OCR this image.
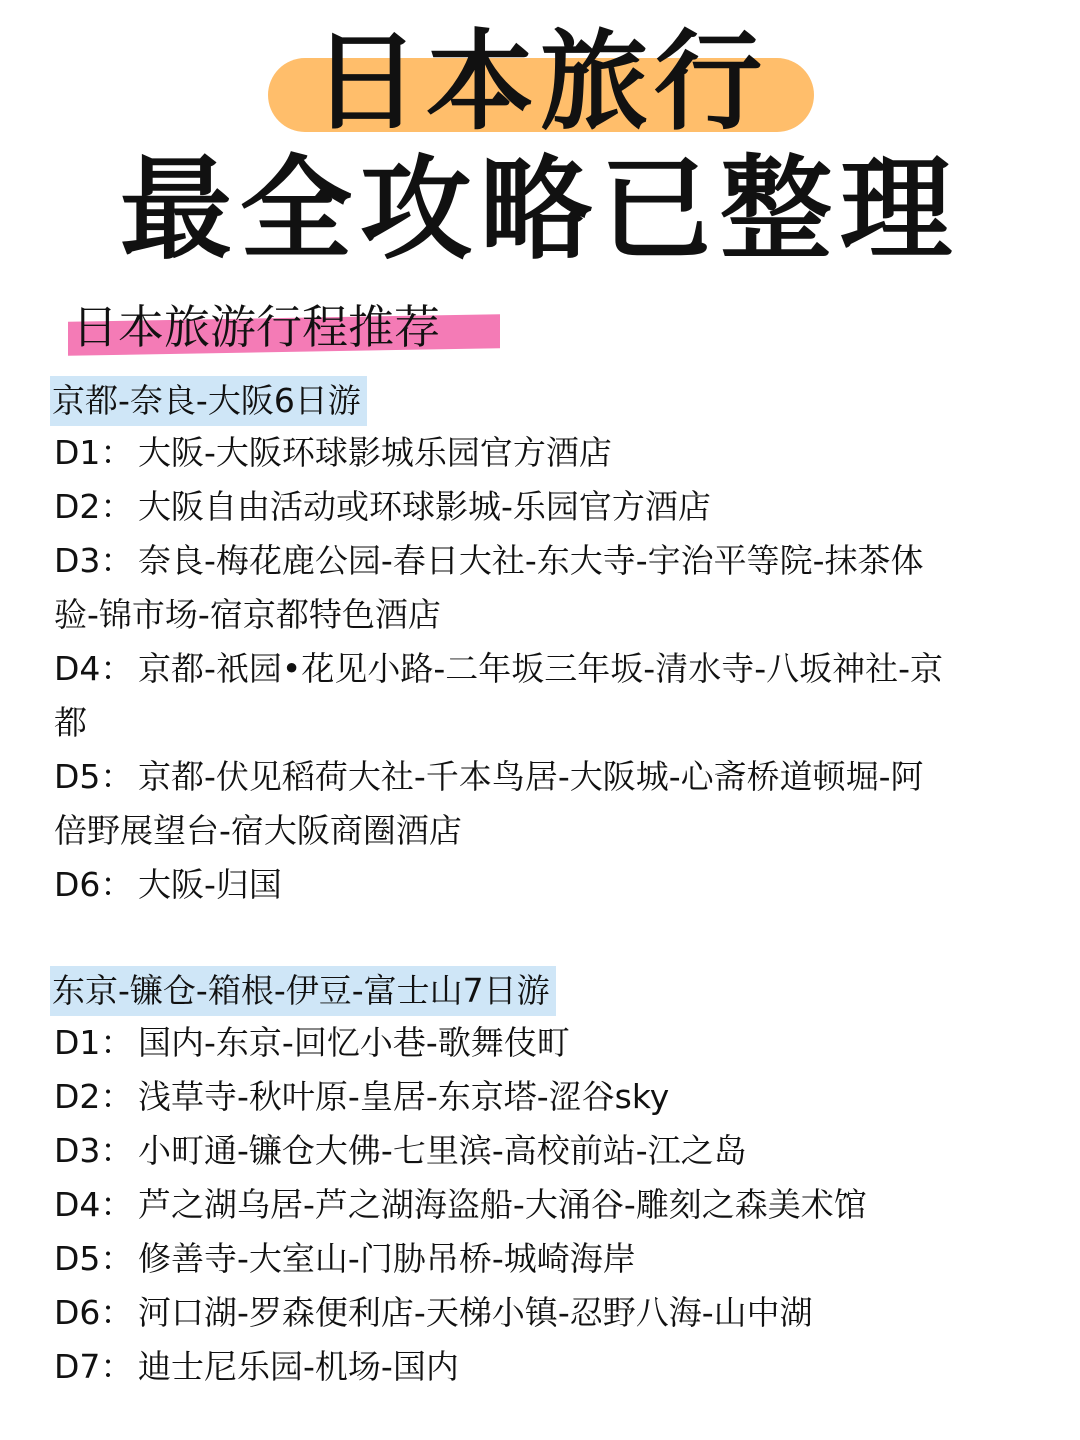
日本旅行
最全攻略已整理
日本旅游行程推荐
京都-奈良-大阪6日游
D1： 大阪-大阪环球影城乐园官方酒店
D2： 大阪自由活动或环球影城-乐园官方酒店
D3： 奈良-梅花鹿公园-春日大社-东大寺-宇治平等院-抹茶体
验-锦市场-宿京都特色酒店
D4： 京都-祇园•花见小路-二年坂三年坂-清水寺-八坂神社-京
都
D5： 京都-伏见稻荷大社-千本鸟居-大阪城-心斋桥道顿堀-阿
倍野展望台-宿大阪商圈酒店
D6： 大阪-归国
东京-镰仓-箱根-伊豆-富士山7日游
D1： 国内-东京-回忆小巷-歌舞伎町
D2： 浅草寺-秋叶原-皇居-东京塔-涩谷sky
D3： 小町通-镰仓大佛-七里滨-高校前站-江之岛
D4： 芦之湖乌居-芦之湖海盗船-大涌谷-雕刻之森美术馆
D5： 修善寺-大室山-门胁吊桥-城崎海岸
D6： 河口湖-罗森便利店-天梯小镇-忍野八海-山中湖
D7： 迪士尼乐园-机场-国内
